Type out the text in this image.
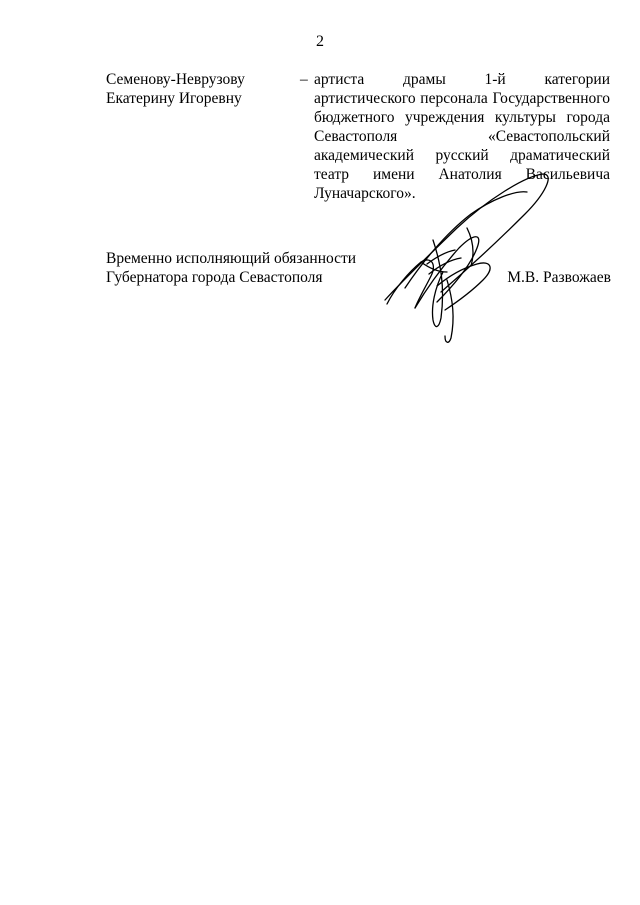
2
Семенову-Неврузову
Екатерину Игоревну
– артиста драмы 1-й категории артистического персонала Государственного бюджетного учреждения культуры города Севастополя «Севастопольский академический русский драматический театр имени Анатолия Васильевича Луначарского».
Временно исполняющий обязанности
Губернатора города Севастополя	М.В. Развожаев
